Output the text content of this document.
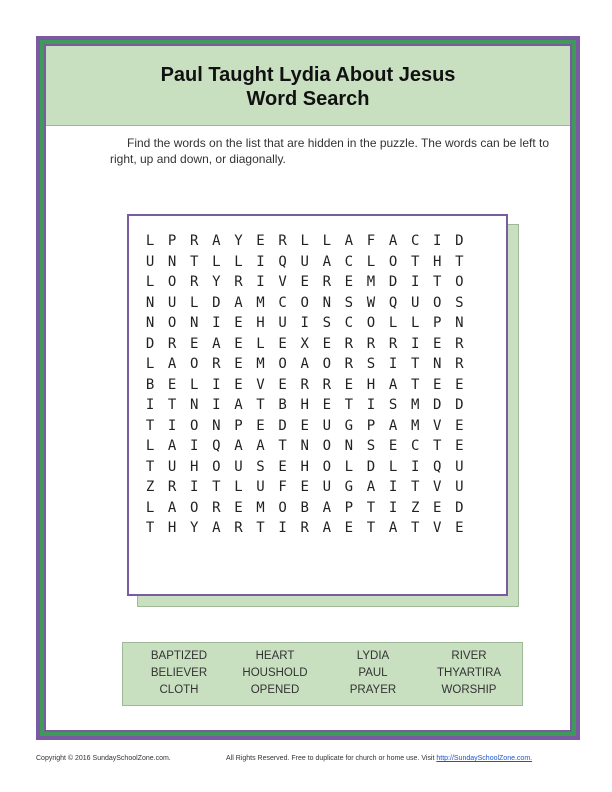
Paul Taught Lydia About Jesus
Word Search

Find the words on the list that are hidden in the puzzle. The words can be left to right, up and down, or diagonally.

L P R A Y E R L L A F A C I D
U N T L L I Q U A C L O T H T
L O R Y R I V E R E M D I T O
N U L D A M C O N S W Q U O S
N O N I E H U I S C O L L P N
D R E A E L E X E R R R I E R
L A O R E M O A O R S I T N R
B E L I E V E R R E H A T E E
I T N I A T B H E T I S M D D
T I O N P E D E U G P A M V E
L A I Q A A T N O N S E C T E
T U H O U S E H O L D L I Q U
Z R I T L U F E U G A I T V U
L A O R E M O B A P T I Z E D
T H Y A R T I R A E T A T V E
BAPTIZED
BELIEVER
CLOTH
HEART
HOUSHOLD
OPENED
LYDIA
PAUL
PRAYER
RIVER
THYARTIRA
WORSHIP
Copyright © 2016 SundaySchoolZone.com.	All Rights Reserved. Free to duplicate for church or home use. Visit http://SundaySchoolZone.com.
